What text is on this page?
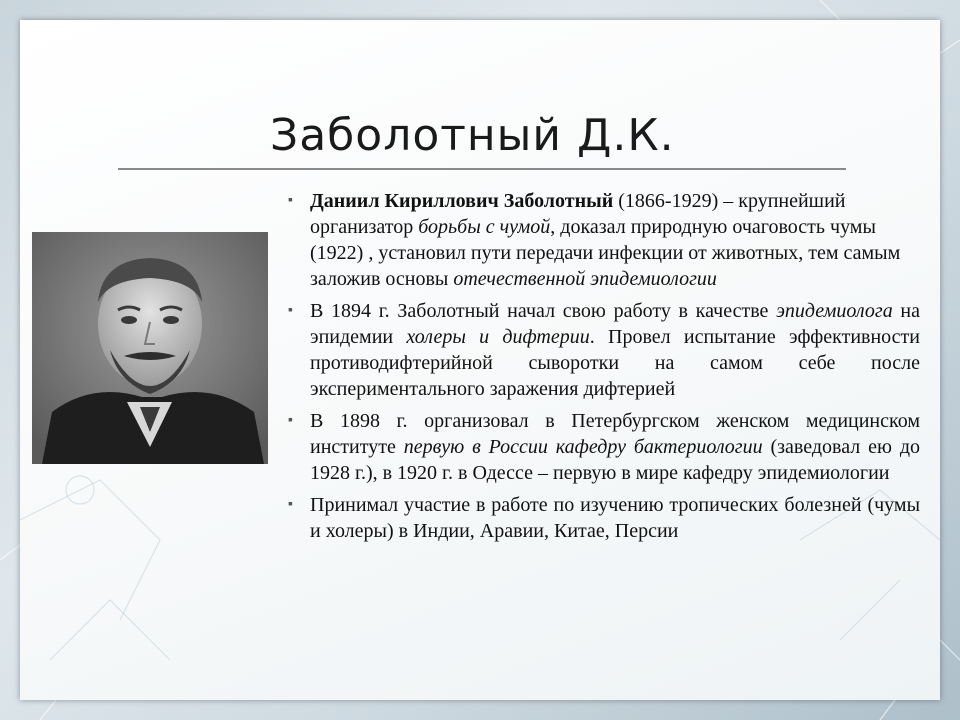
Заболотный Д.К.
▪ Даниил Кириллович Заболотный (1866-1929) – крупнейший организатор борьбы с чумой, доказал природную очаговость чумы (1922) , установил пути передачи инфекции от животных, тем самым заложив основы отечественной эпидемиологии
▪ В 1894 г. Заболотный начал свою работу в качестве эпидемиолога на эпидемии холеры и дифтерии. Провел испытание эффективности противодифтерийной сыворотки на самом себе после экспериментального заражения дифтерией
▪ В 1898 г. организовал в Петербургском женском медицинском институте первую в России кафедру бактериологии (заведовал ею до 1928 г.), в 1920 г. в Одессе – первую в мире кафедру эпидемиологии
▪ Принимал участие в работе по изучению тропических болезней (чумы и холеры) в Индии, Аравии, Китае, Персии
